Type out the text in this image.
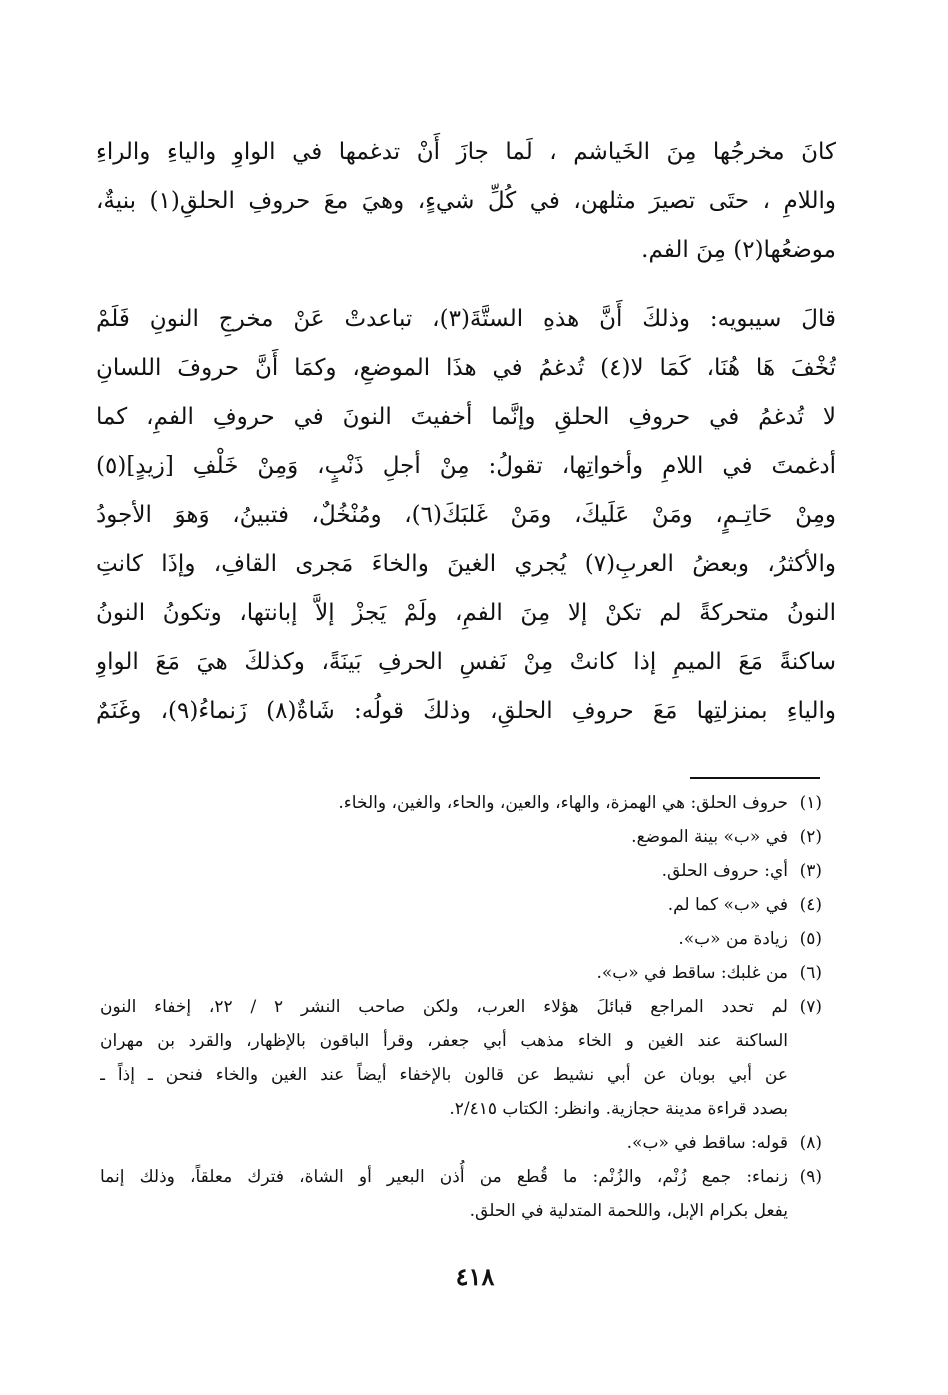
كانَ مخرجُها مِنَ الخَياشم ، لَما جازَ أَنْ تدغمها في الواوِ والياءِ والراءِ
واللامِ ، حتَى تصيرَ مثلهن، في كُلِّ شيءٍ، وهيَ معَ حروفِ الحلقِ(١) بنيةٌ،
موضعُها(٢) مِنَ الفم.
قالَ سيبويه: وذلكَ أَنَّ هذهِ الستَّةَ(٣)، تباعدتْ عَنْ مخرجِ النونِ فَلَمْ
تُخْفَ هَا هُنَا، كَمَا لا(٤) تُدغمُ في هذَا الموضعِ، وكمَا أَنَّ حروفَ اللسانِ
لا تُدغمُ في حروفِ الحلقِ وإنَّما أخفيتَ النونَ في حروفِ الفمِ، كما
أدغمتَ في اللامِ وأخواتِها، تقولُ: مِنْ أجلِ ذَنْبٍ، وَمِنْ خَلْفِ [زيدٍ](٥)
ومِنْ حَاتِـمٍ، ومَنْ عَلَيكَ، ومَنْ غَلبَكَ(٦)، ومُنْخُلٌ، فتبينُ، وَهوَ الأجودُ
والأكثرُ، وبعضُ العربِ(٧) يُجري الغينَ والخاءَ مَجرى القافِ، وإذَا كانتِ
النونُ متحركةً لم تكنْ إلا مِنَ الفمِ، ولَمْ يَجزْ إلاَّ إبانتها، وتكونُ النونُ
ساكنةً مَعَ الميمِ إذا كانتْ مِنْ نَفسِ الحرفِ بَينَةً، وكذلكَ هيَ مَعَ الواوِ
والياءِ بمنزلتِها مَعَ حروفِ الحلقِ، وذلكَ قولُه: شَاةٌ(٨) زَنماءُ(٩)، وغَنَمٌ
(١)
حروف الحلق: هي الهمزة، والهاء، والعين، والحاء، والغين، والخاء.
(٢)
في «ب» بينة الموضع.
(٣)
أي: حروف الحلق.
(٤)
في «ب» كما لم.
(٥)
زيادة من «ب».
(٦)
من غلبك: ساقط في «ب».
(٧)
لم تحدد المراجع قبائلَ هؤلاء العرب، ولكن صاحب النشر ٢ / ٢٢، إخفاء النون
الساكنة عند الغين و الخاء مذهب أبي جعفر، وقرأ الباقون بالإظهار، والقرد بن مهران
عن أبي بوبان عن أبي نشيط عن قالون بالإخفاء أيضاً عند الغين والخاء فنحن ـ إذاً ـ
بصدد قراءة مدينة حجازية. وانظر: الكتاب ٢/٤١٥.
(٨)
قوله: ساقط في «ب».
(٩)
زنماء: جمع زُنْم، والزُنْم: ما قُطع من أُذن البعير أو الشاة، فترك معلقاً، وذلك إنما
يفعل بكرام الإبل، واللحمة المتدلية في الحلق.
٤١٨
